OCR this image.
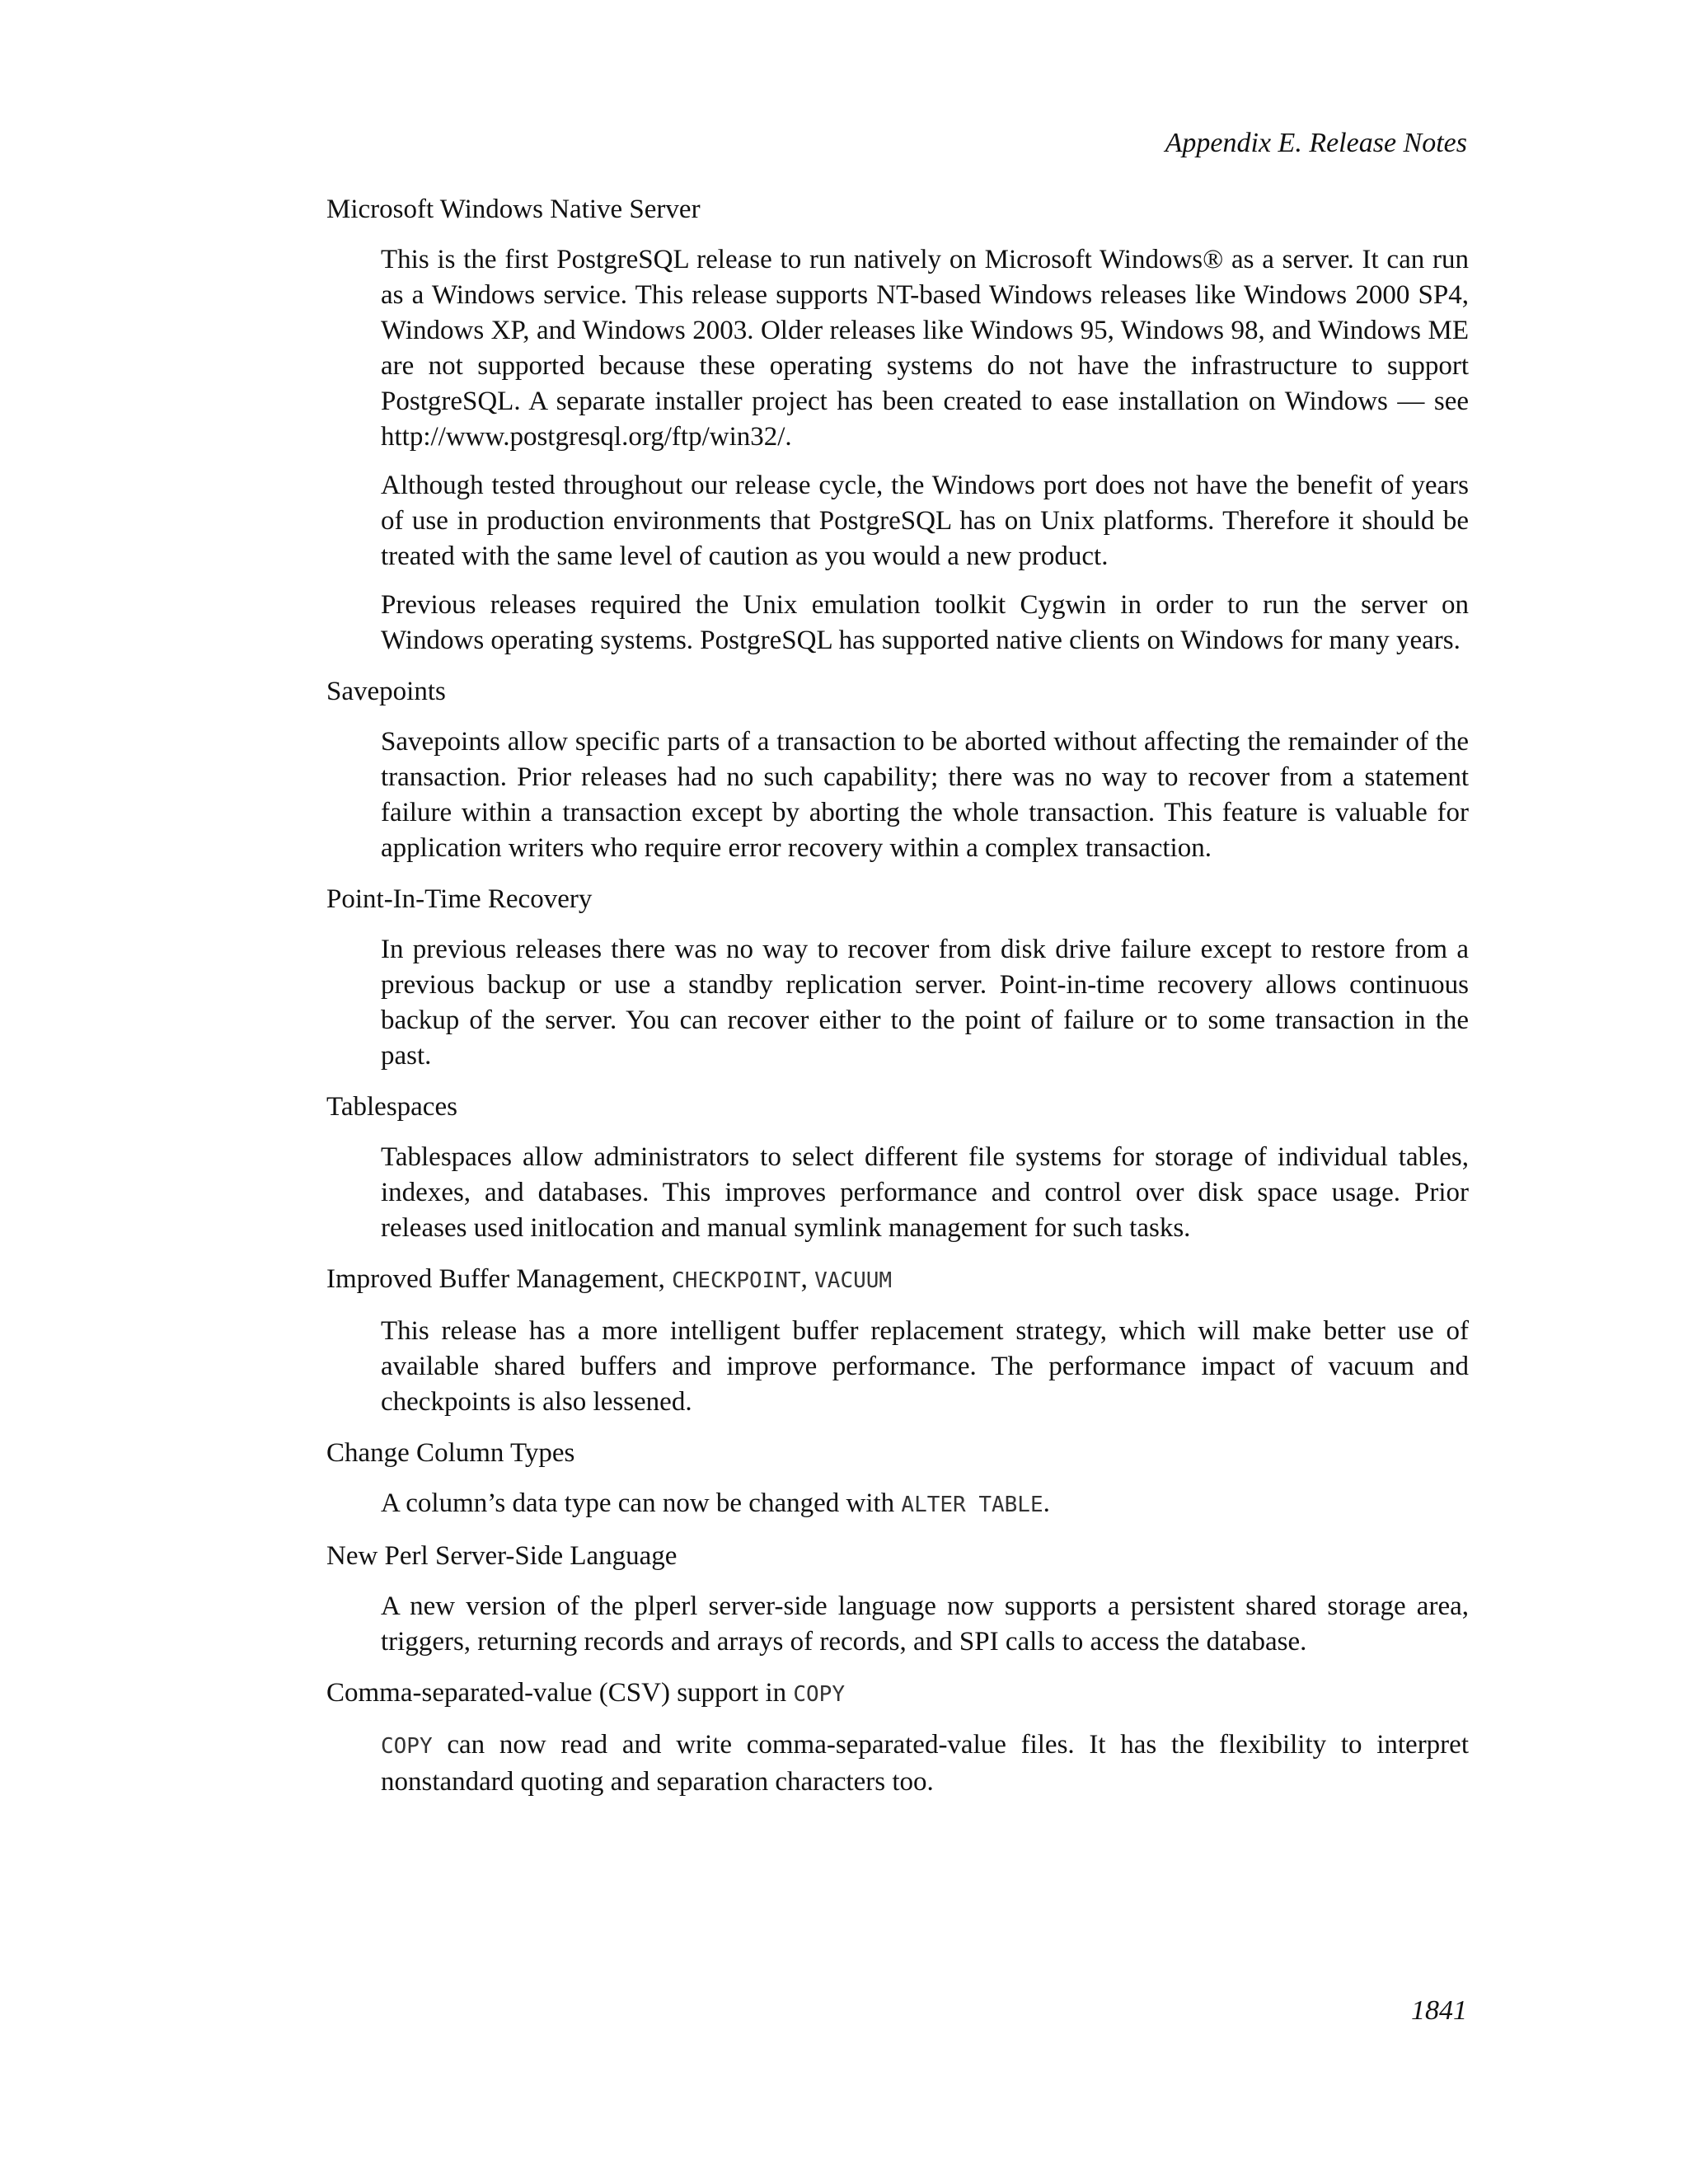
Appendix E. Release Notes
Microsoft Windows Native Server

This is the first PostgreSQL release to run natively on Microsoft Windows® as a server. It can run as a Windows service. This release supports NT-based Windows releases like Windows 2000 SP4, Windows XP, and Windows 2003. Older releases like Windows 95, Windows 98, and Windows ME are not supported because these operating systems do not have the infrastructure to support PostgreSQL. A separate installer project has been created to ease installation on Windows — see http://www.postgresql.org/ftp/win32/.

Although tested throughout our release cycle, the Windows port does not have the benefit of years of use in production environments that PostgreSQL has on Unix platforms. Therefore it should be treated with the same level of caution as you would a new product.

Previous releases required the Unix emulation toolkit Cygwin in order to run the server on Windows operating systems. PostgreSQL has supported native clients on Windows for many years.

Savepoints

Savepoints allow specific parts of a transaction to be aborted without affecting the remainder of the transaction. Prior releases had no such capability; there was no way to recover from a statement failure within a transaction except by aborting the whole transaction. This feature is valuable for application writers who require error recovery within a complex transaction.

Point-In-Time Recovery

In previous releases there was no way to recover from disk drive failure except to restore from a previous backup or use a standby replication server. Point-in-time recovery allows continuous backup of the server. You can recover either to the point of failure or to some transaction in the past.

Tablespaces

Tablespaces allow administrators to select different file systems for storage of individual tables, indexes, and databases. This improves performance and control over disk space usage. Prior releases used initlocation and manual symlink management for such tasks.

Improved Buffer Management, CHECKPOINT, VACUUM

This release has a more intelligent buffer replacement strategy, which will make better use of available shared buffers and improve performance. The performance impact of vacuum and checkpoints is also lessened.

Change Column Types

A column’s data type can now be changed with ALTER TABLE.

New Perl Server-Side Language

A new version of the plperl server-side language now supports a persistent shared storage area, triggers, returning records and arrays of records, and SPI calls to access the database.

Comma-separated-value (CSV) support in COPY

COPY can now read and write comma-separated-value files. It has the flexibility to interpret nonstandard quoting and separation characters too.

1841
